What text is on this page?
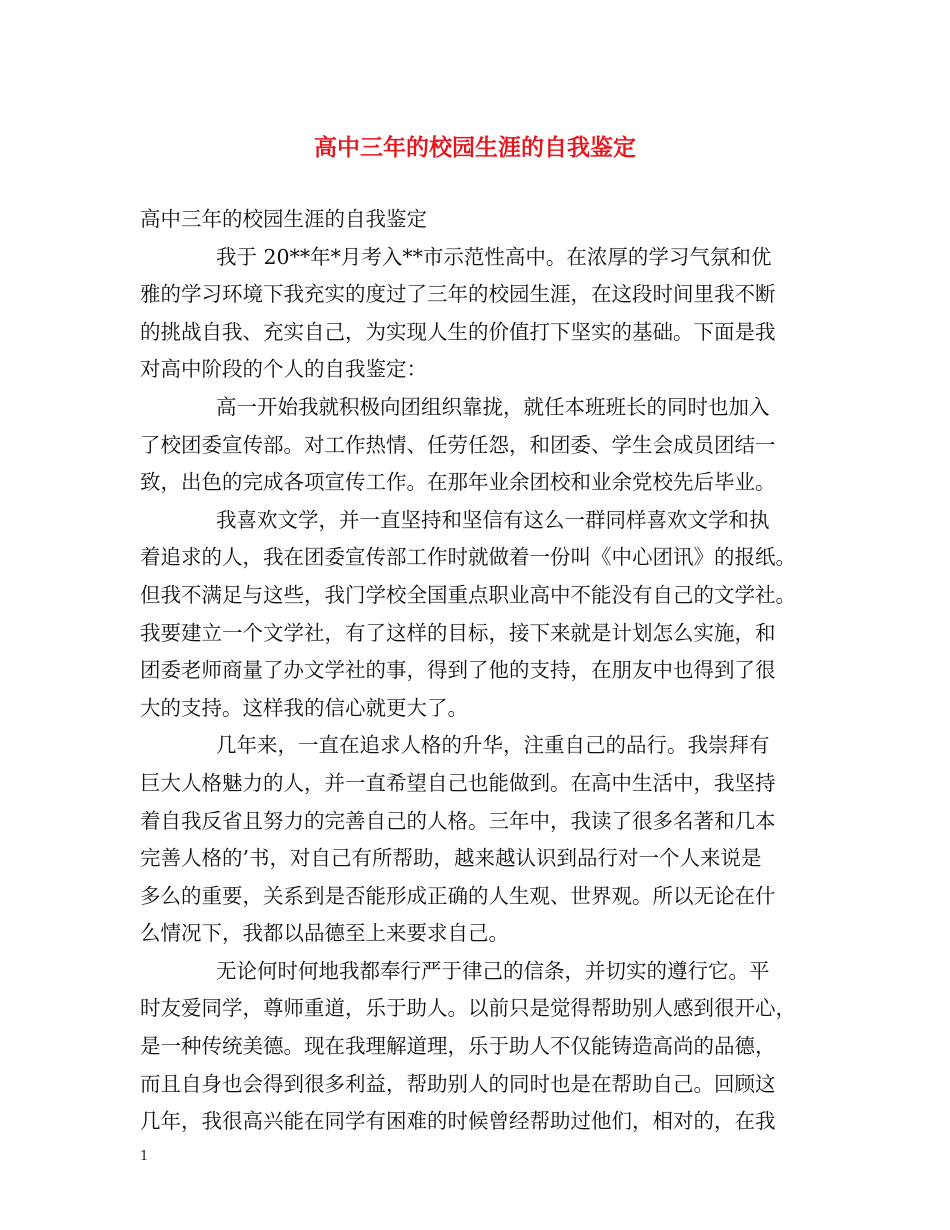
高中三年的校园生涯的自我鉴定
高中三年的校园生涯的自我鉴定
我于 20**年*月考入**市示范性高中。在浓厚的学习气氛和优
雅的学习环境下我充实的度过了三年的校园生涯，在这段时间里我不断
的挑战自我、充实自己，为实现人生的价值打下坚实的基础。下面是我
对高中阶段的个人的自我鉴定：
高一开始我就积极向团组织靠拢，就任本班班长的同时也加入
了校团委宣传部。对工作热情、任劳任怨，和团委、学生会成员团结一
致，出色的完成各项宣传工作。在那年业余团校和业余党校先后毕业。
我喜欢文学，并一直坚持和坚信有这么一群同样喜欢文学和执
着追求的人，我在团委宣传部工作时就做着一份叫《中心团讯》的报纸。
但我不满足与这些，我门学校全国重点职业高中不能没有自己的文学社。
我要建立一个文学社，有了这样的目标，接下来就是计划怎么实施，和
团委老师商量了办文学社的事，得到了他的支持，在朋友中也得到了很
大的支持。这样我的信心就更大了。
几年来，一直在追求人格的升华，注重自己的品行。我崇拜有
巨大人格魅力的人，并一直希望自己也能做到。在高中生活中，我坚持
着自我反省且努力的完善自己的人格。三年中，我读了很多名著和几本
完善人格的’书，对自己有所帮助，越来越认识到品行对一个人来说是
多么的重要，关系到是否能形成正确的人生观、世界观。所以无论在什
么情况下，我都以品德至上来要求自己。
无论何时何地我都奉行严于律己的信条，并切实的遵行它。平
时友爱同学，尊师重道，乐于助人。以前只是觉得帮助别人感到很开心，
是一种传统美德。现在我理解道理，乐于助人不仅能铸造高尚的品德，
而且自身也会得到很多利益，帮助别人的同时也是在帮助自己。回顾这
几年，我很高兴能在同学有困难的时候曾经帮助过他们，相对的，在我
1
